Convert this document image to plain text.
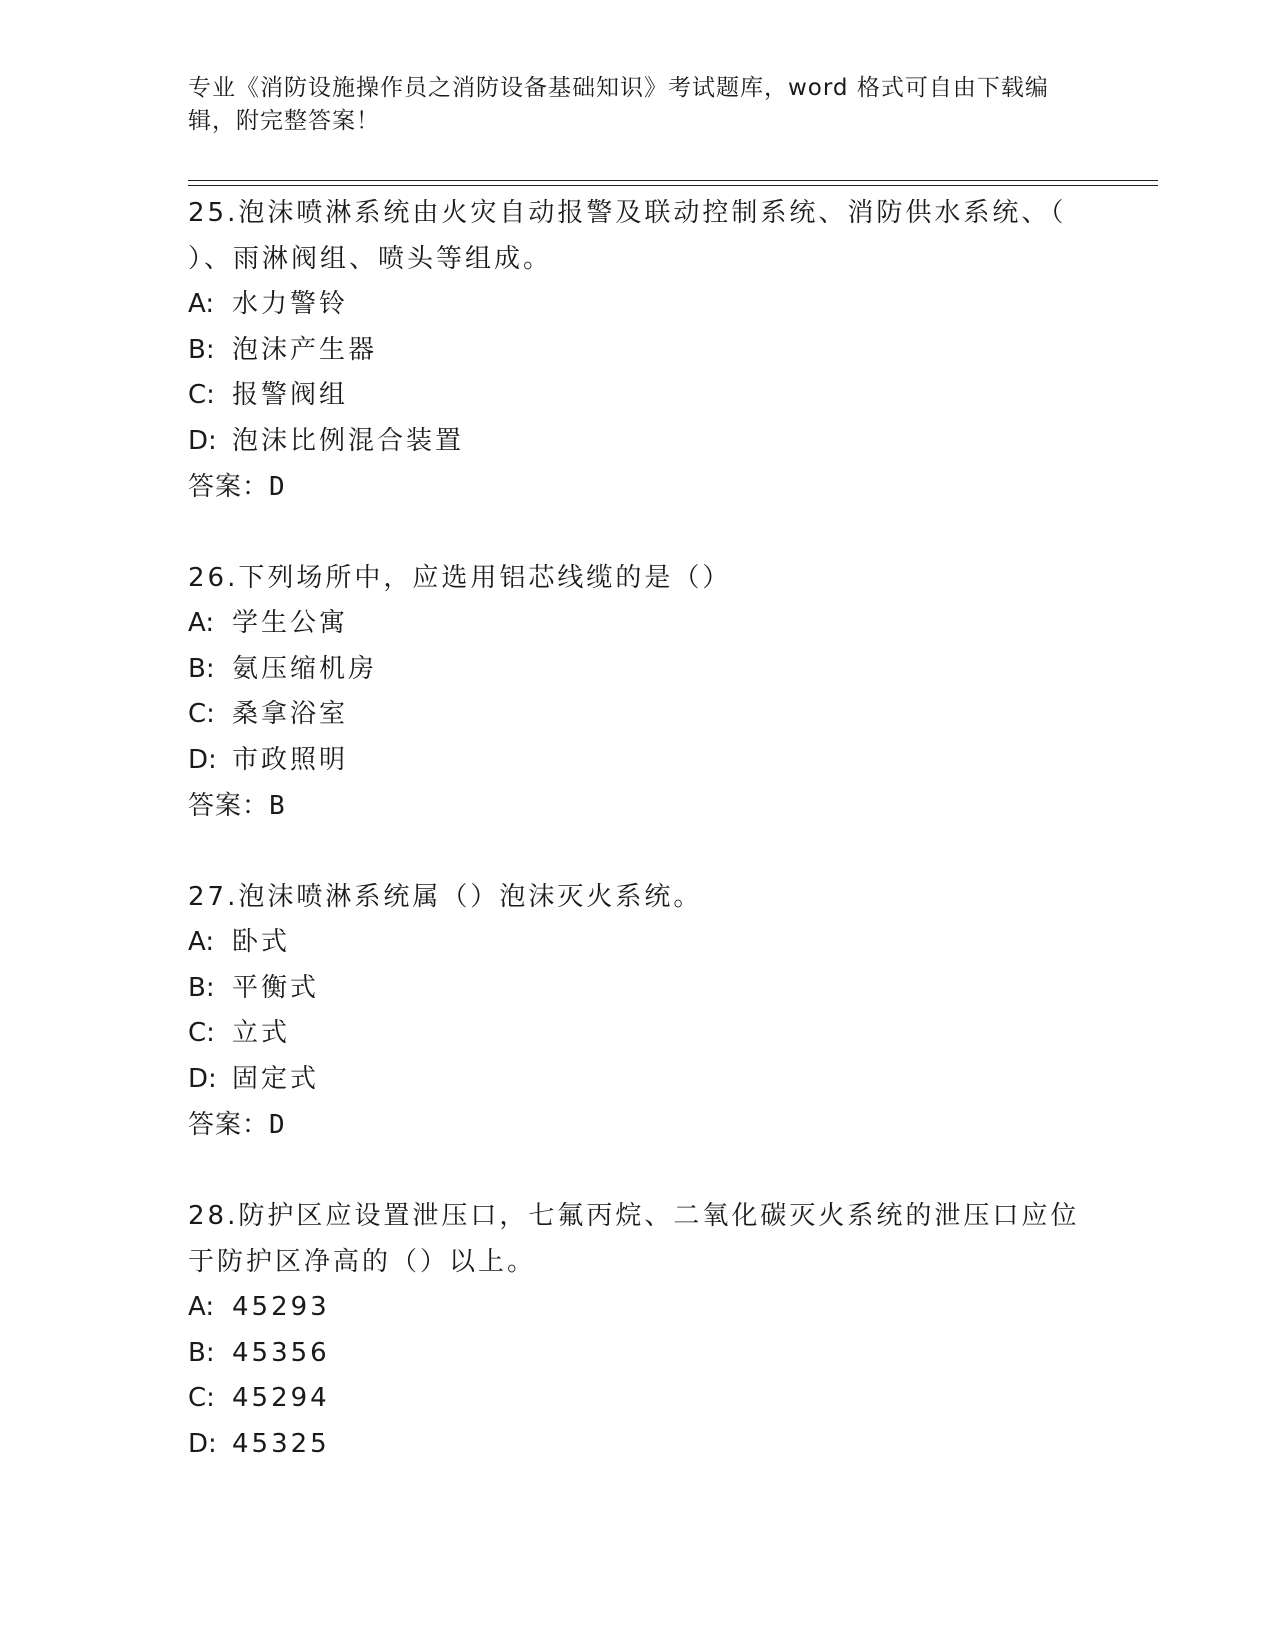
专业《消防设施操作员之消防设备基础知识》考试题库，word 格式可自由下载编
辑，附完整答案！
25.泡沫喷淋系统由火灾自动报警及联动控制系统、消防供水系统、（
）、雨淋阀组、喷头等组成。
A: 水力警铃
B: 泡沫产生器
C: 报警阀组
D: 泡沫比例混合装置
答案：D
26.下列场所中，应选用铝芯线缆的是（）
A: 学生公寓
B: 氨压缩机房
C: 桑拿浴室
D: 市政照明
答案：B
27.泡沫喷淋系统属（）泡沫灭火系统。
A: 卧式
B: 平衡式
C: 立式
D: 固定式
答案：D
28.防护区应设置泄压口，七氟丙烷、二氧化碳灭火系统的泄压口应位
于防护区净高的（）以上。
A: 45293
B: 45356
C: 45294
D: 45325
